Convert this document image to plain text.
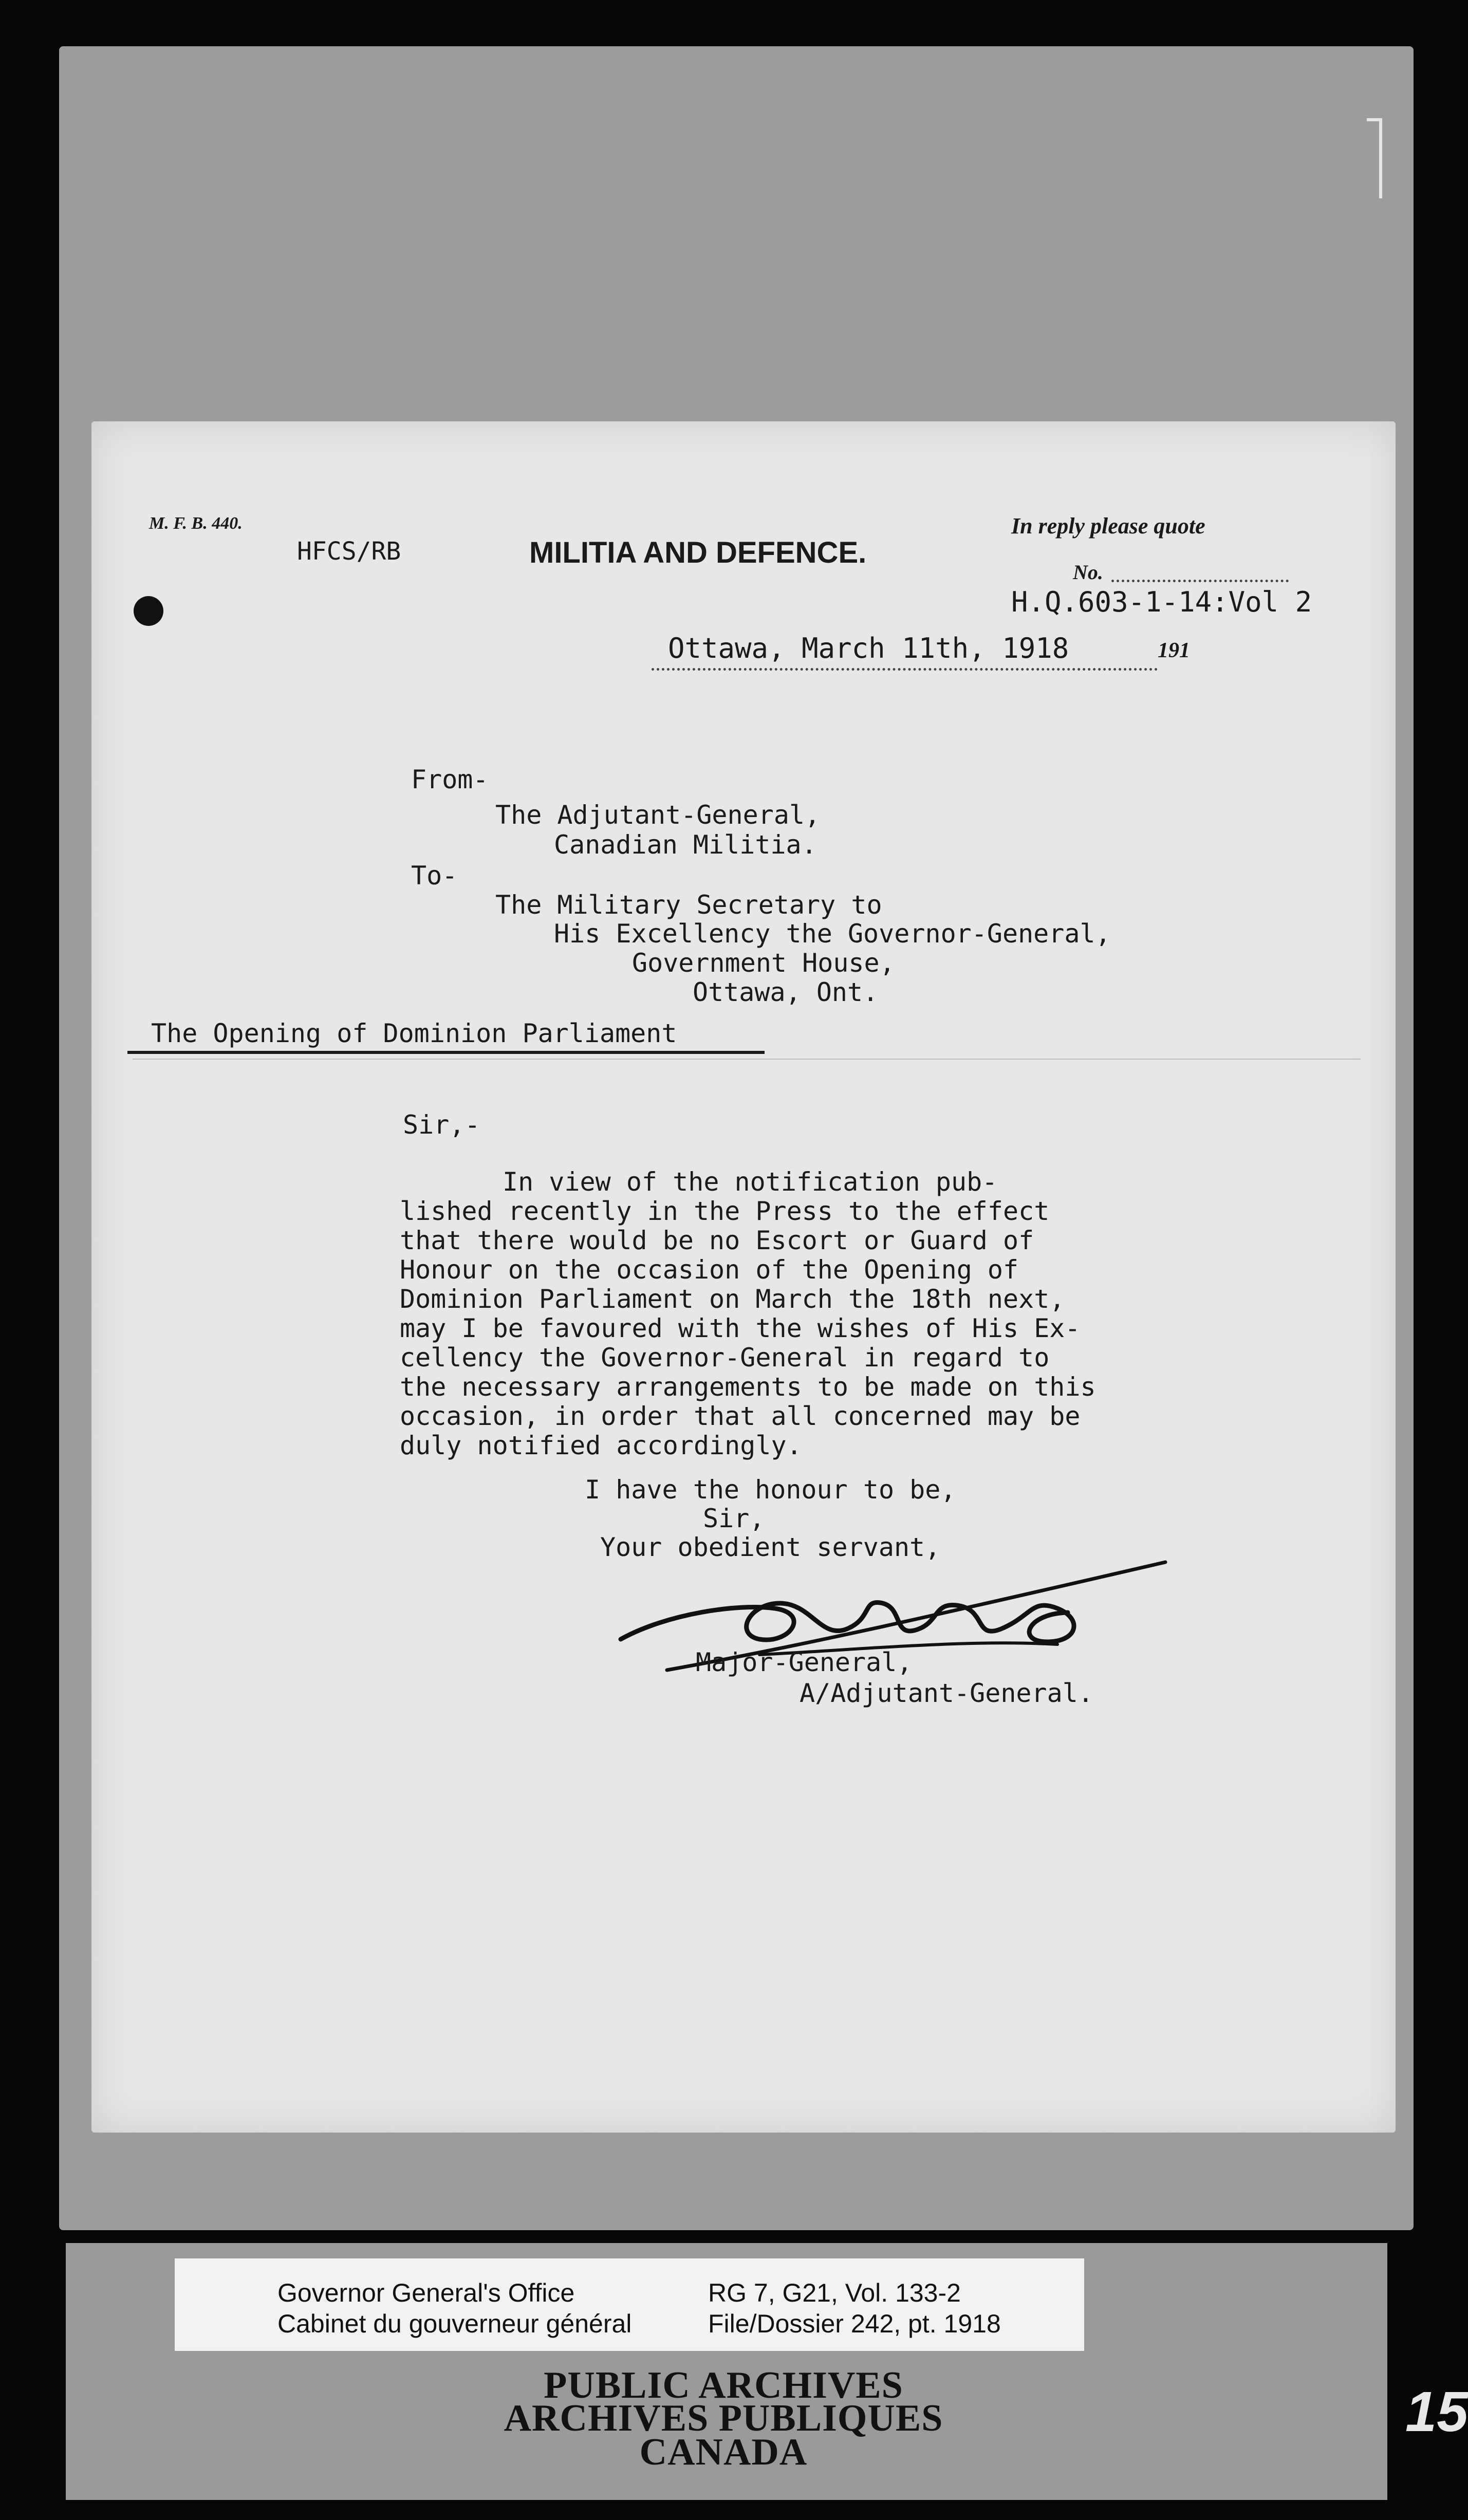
M. F. B. 440.
HFCS/RB	MILITIA AND DEFENCE.
In reply please quote
No.
H.Q.603-1-14:Vol 2
Ottawa, March 11th, 1918	191
From-
The Adjutant-General,
Canadian Militia.
To-
The Military Secretary to
His Excellency the Governor-General,
Government House,
Ottawa, Ont.
The Opening of Dominion Parliament
Sir,-
In view of the notification pub-
lished recently in the Press to the effect
that there would be no Escort or Guard of
Honour on the occasion of the Opening of
Dominion Parliament on March the 18th next,
may I be favoured with the wishes of His Ex-
cellency the Governor-General in regard to
the necessary arrangements to be made on this
occasion, in order that all concerned may be
duly notified accordingly.
I have the honour to be,
Sir,
Your obedient servant,
Major-General,
A/Adjutant-General.
Governor General's Office
Cabinet du gouverneur général
RG 7, G21, Vol. 133-2
File/Dossier 242, pt. 1918
PUBLIC ARCHIVES
ARCHIVES PUBLIQUES
CANADA
15
